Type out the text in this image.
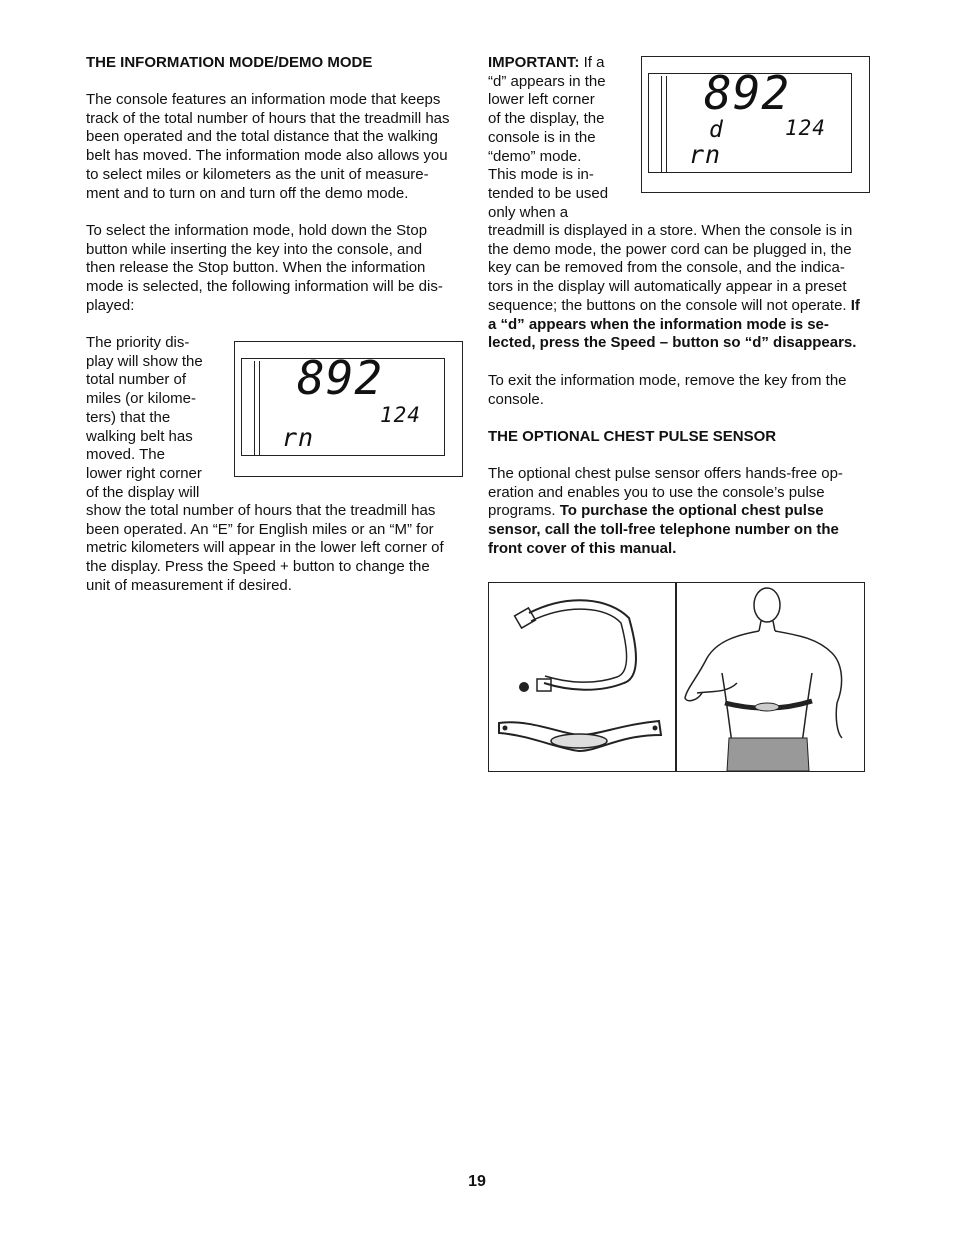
THE INFORMATION MODE/DEMO MODE

The console features an information mode that keeps

track of the total number of hours that the treadmill has

been operated and the total distance that the walking

belt has moved. The information mode also allows you

to select miles or kilometers as the unit of measure-

ment and to turn on and turn off the demo mode.

To select the information mode, hold down the Stop

button while inserting the key into the console, and

then release the Stop button. When the information

mode is selected, the following information will be dis-

played:

The priority dis-

play will show the

total number of

miles (or kilome-

ters) that the

walking belt has

moved. The

lower right corner

of the display will

892
124
rn

show the total number of hours that the treadmill has

been operated. An “E” for English miles or an “M” for

metric kilometers will appear in the lower left corner of

the display. Press the Speed + button to change the

unit of measurement if desired.

IMPORTANT: If a

“d” appears in the

lower left corner

of the display, the

console is in the

“demo” mode.

This mode is in-

tended to be used

only when a

892
d	124
rn

treadmill is displayed in a store. When the console is in

the demo mode, the power cord can be plugged in, the

key can be removed from the console, and the indica-

tors in the display will automatically appear in a preset

sequence; the buttons on the console will not operate. If

a “d” appears when the information mode is se-

lected, press the Speed – button so “d” disappears.

To exit the information mode, remove the key from the

console.

THE OPTIONAL CHEST PULSE SENSOR

The optional chest pulse sensor offers hands-free op-

eration and enables you to use the console’s pulse

programs. To purchase the optional chest pulse

sensor, call the toll-free telephone number on the

front cover of this manual.

19
